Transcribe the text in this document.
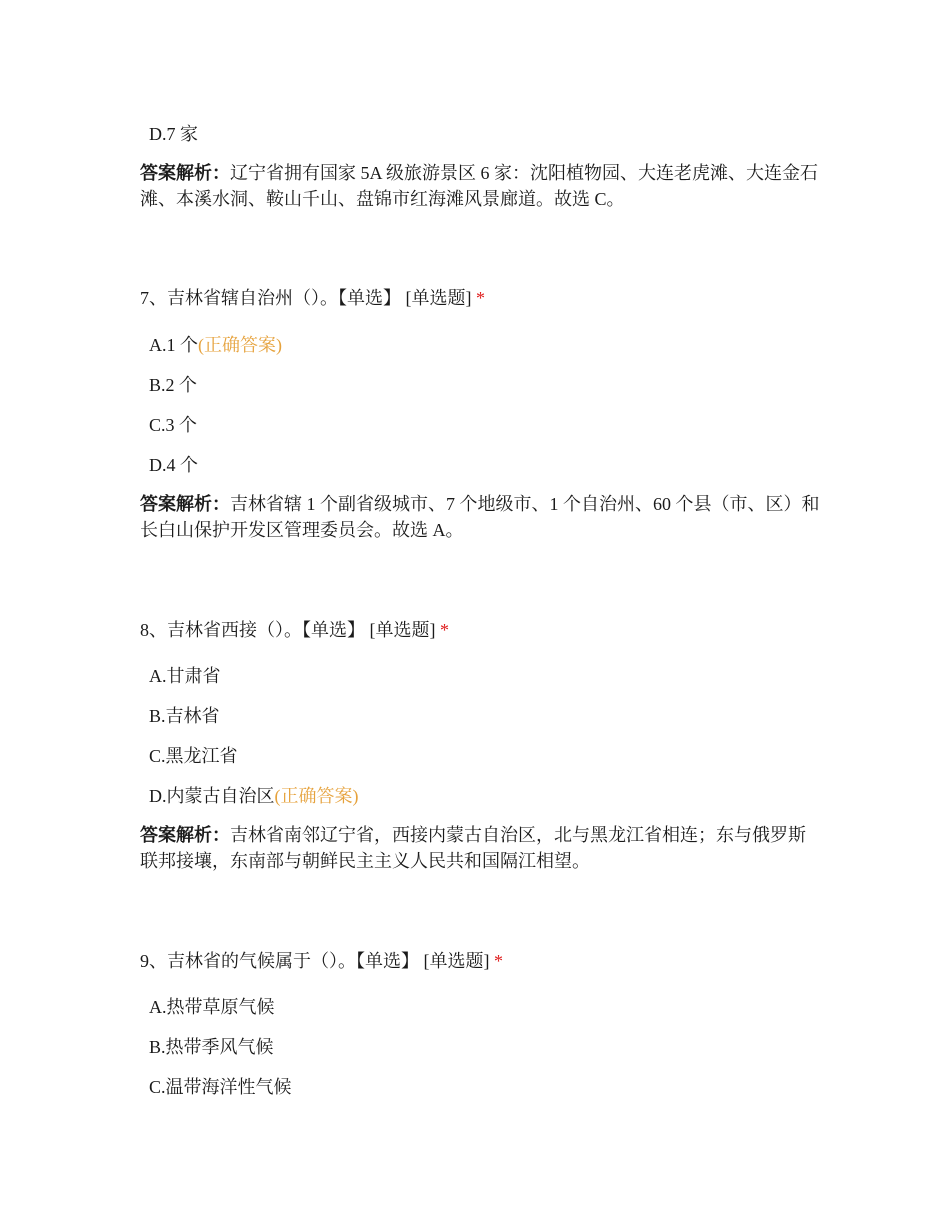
D.7 家
答案解析：辽宁省拥有国家 5A 级旅游景区 6 家：沈阳植物园、大连老虎滩、大连金石滩、本溪水洞、鞍山千山、盘锦市红海滩风景廊道。故选 C。
7、吉林省辖自治州（）。【单选】 [单选题] *
A.1 个(正确答案)
B.2 个
C.3 个
D.4 个
答案解析：吉林省辖 1 个副省级城市、7 个地级市、1 个自治州、60 个县（市、区）和长白山保护开发区管理委员会。故选 A。
8、吉林省西接（）。【单选】 [单选题] *
A.甘肃省
B.吉林省
C.黑龙江省
D.内蒙古自治区(正确答案)
答案解析：吉林省南邻辽宁省，西接内蒙古自治区，北与黑龙江省相连；东与俄罗斯联邦接壤，东南部与朝鲜民主主义人民共和国隔江相望。
9、吉林省的气候属于（）。【单选】 [单选题] *
A.热带草原气候
B.热带季风气候
C.温带海洋性气候
